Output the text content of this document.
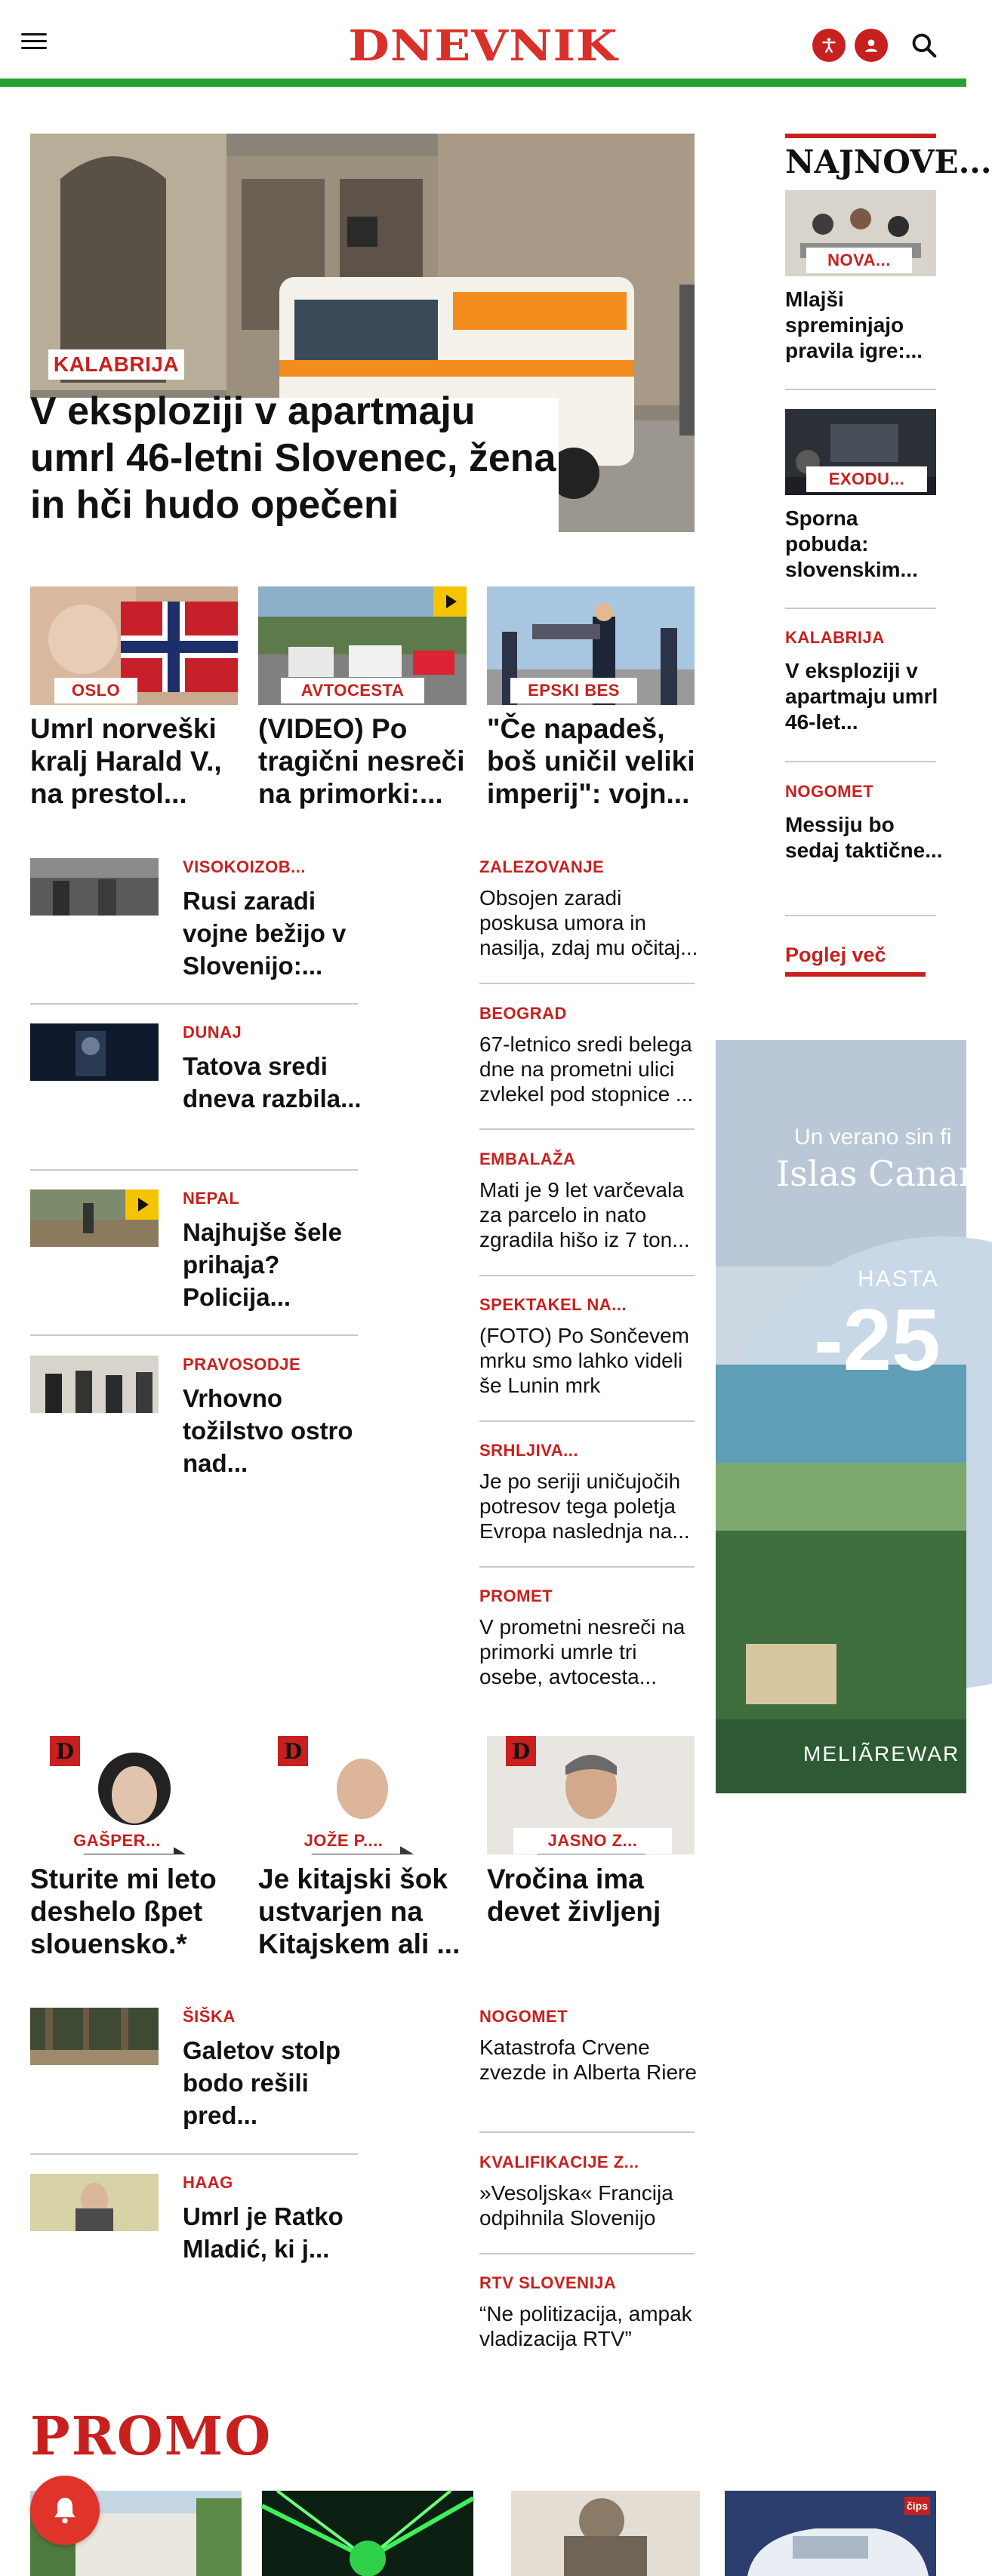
DNEVNIK
KALABRIJA
V eksploziji v apartmaju umrl 46-letni Slovenec, žena in hči hudo opečeni
OSLO
Umrl norveški kralj Harald V., na prestol...
AVTOCESTA
(VIDEO) Po tragični nesreči na primorki:...
EPSKI BES
"Če napadeš, boš uničil veliki imperij": vojn...
VISOKOIZOB...
Rusi zaradi vojne bežijo v Slovenijo:...
DUNAJ
Tatova sredi dneva razbila...
NEPAL
Najhujše šele prihaja? Policija...
PRAVOSODJE
Vrhovno tožilstvo ostro nad...
ZALEZOVANJE
Obsojen zaradi poskusa umora in nasilja, zdaj mu očitaj...
BEOGRAD
67-letnico sredi belega dne na prometni ulici zvlekel pod stopnice ...
EMBALAŽA
Mati je 9 let varčevala za parcelo in nato zgradila hišo iz 7 ton...
SPEKTAKEL NA...
(FOTO) Po Sončevem mrku smo lahko videli še Lunin mrk
SRHLJIVA...
Je po seriji uničujočih potresov tega poletja Evropa naslednja na...
PROMET
V prometni nesreči na primorki umrle tri osebe, avtocesta...
D
GAŠPER...
Sturite mi leto deshelo ßpet slouensko.*
D
JOŽE P....
Je kitajski šok ustvarjen na Kitajskem ali ...
D
JASNO Z...
Vročina ima devet življenj
ŠIŠKA
Galetov stolp bodo rešili pred...
HAAG
Umrl je Ratko Mladić, ki j...
NOGOMET
Katastrofa Crvene zvezde in Alberta Riere
KVALIFIKACIJE Z...
»Vesoljska« Francija odpihnila Slovenijo
RTV SLOVENIJA
“Ne politizacija, ampak vladizacija RTV”
NAJNOVE...
NOVA...
Mlajši spreminjajo pravila igre:...
EXODU...
Sporna pobuda: slovenskim...
KALABRIJA
V eksploziji v apartmaju umrl 46-let...
NOGOMET
Messiju bo sedaj taktične...
Poglej več
Un verano sin fi
Islas Canar
HASTA
-25
MELIÃREWAR
PROMO
čips
